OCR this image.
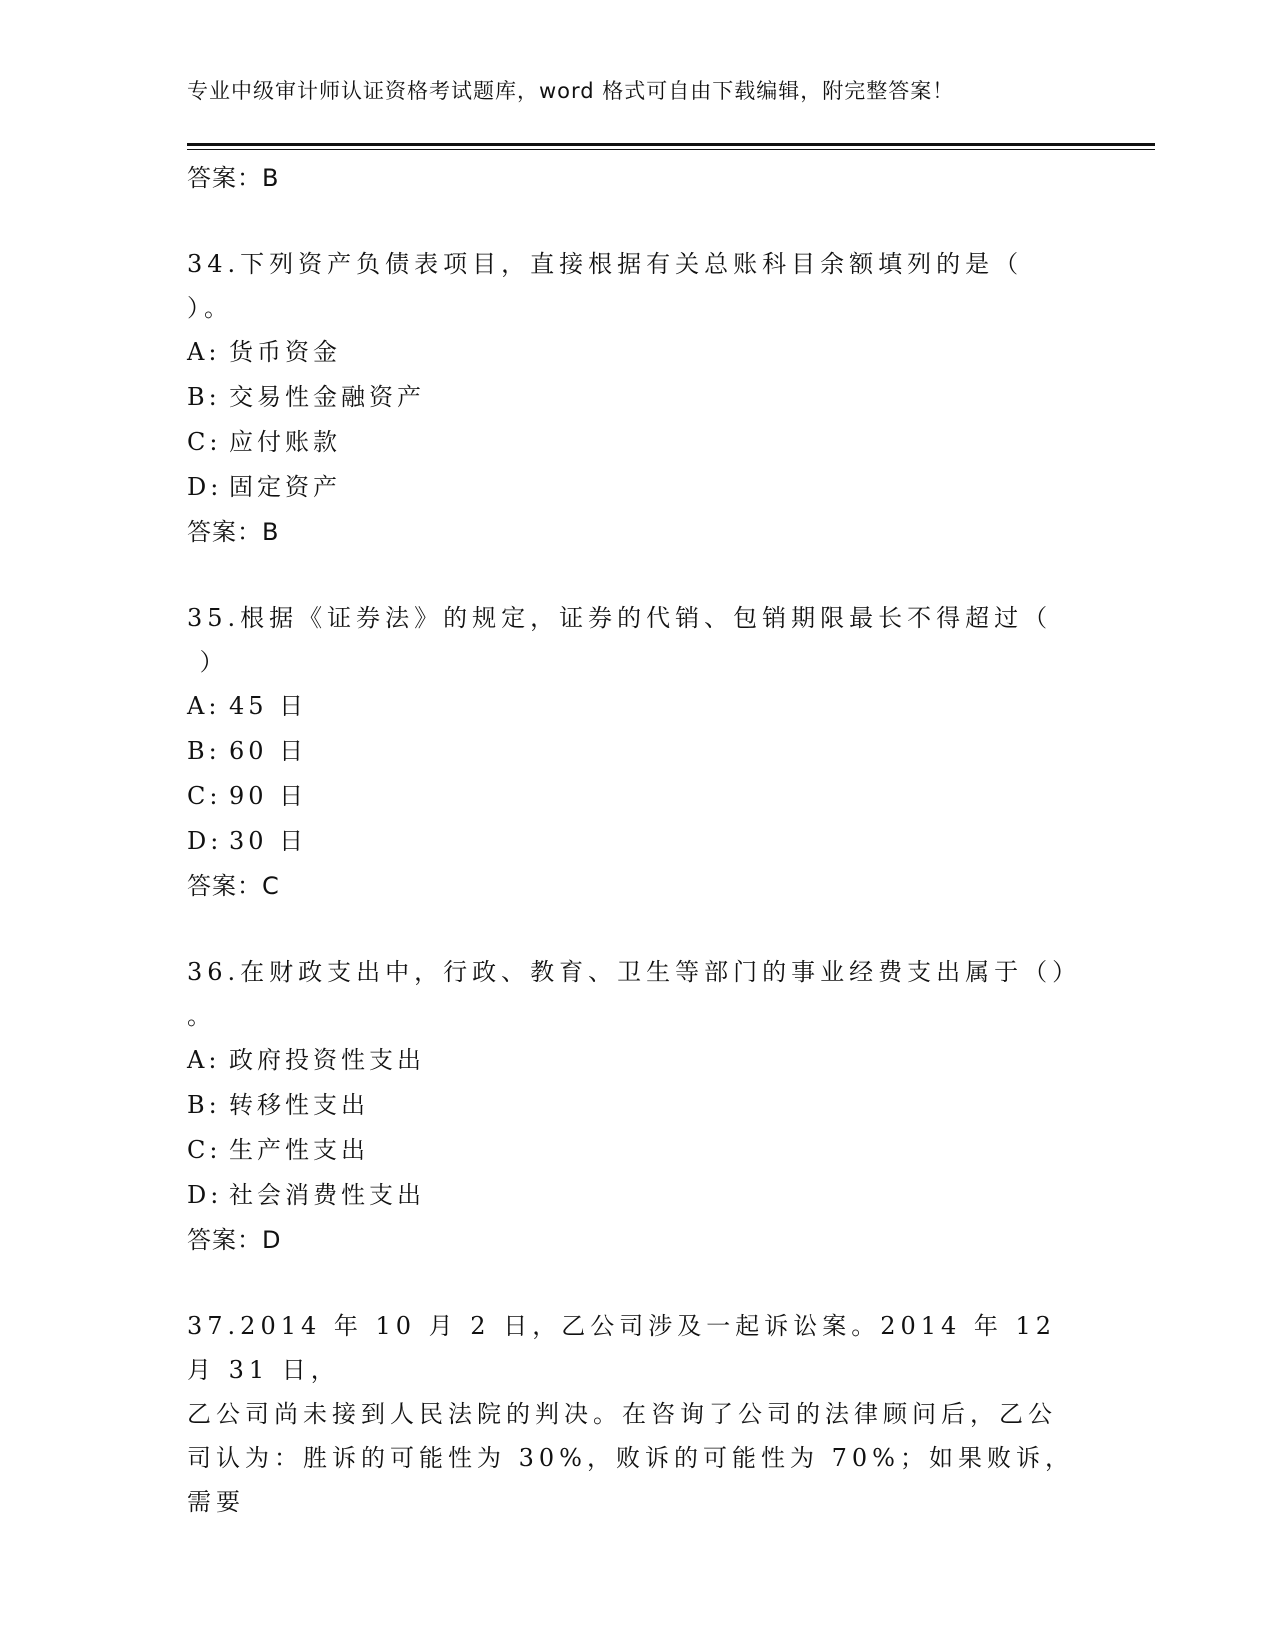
专业中级审计师认证资格考试题库，word 格式可自由下载编辑，附完整答案！
答案：B
34.下列资产负债表项目，直接根据有关总账科目余额填列的是（
）。
A: 货币资金
B: 交易性金融资产
C: 应付账款
D: 固定资产
答案：B
35.根据《证券法》的规定，证券的代销、包销期限最长不得超过（
）
A: 45 日
B: 60 日
C: 90 日
D: 30 日
答案：C
36.在财政支出中，行政、教育、卫生等部门的事业经费支出属于（）
。
A: 政府投资性支出
B: 转移性支出
C: 生产性支出
D: 社会消费性支出
答案：D
37.2014 年 10 月 2 日，乙公司涉及一起诉讼案。2014 年 12 月 31 日，
乙公司尚未接到人民法院的判决。在咨询了公司的法律顾问后，乙公
司认为：胜诉的可能性为 30%，败诉的可能性为 70%；如果败诉，需要
